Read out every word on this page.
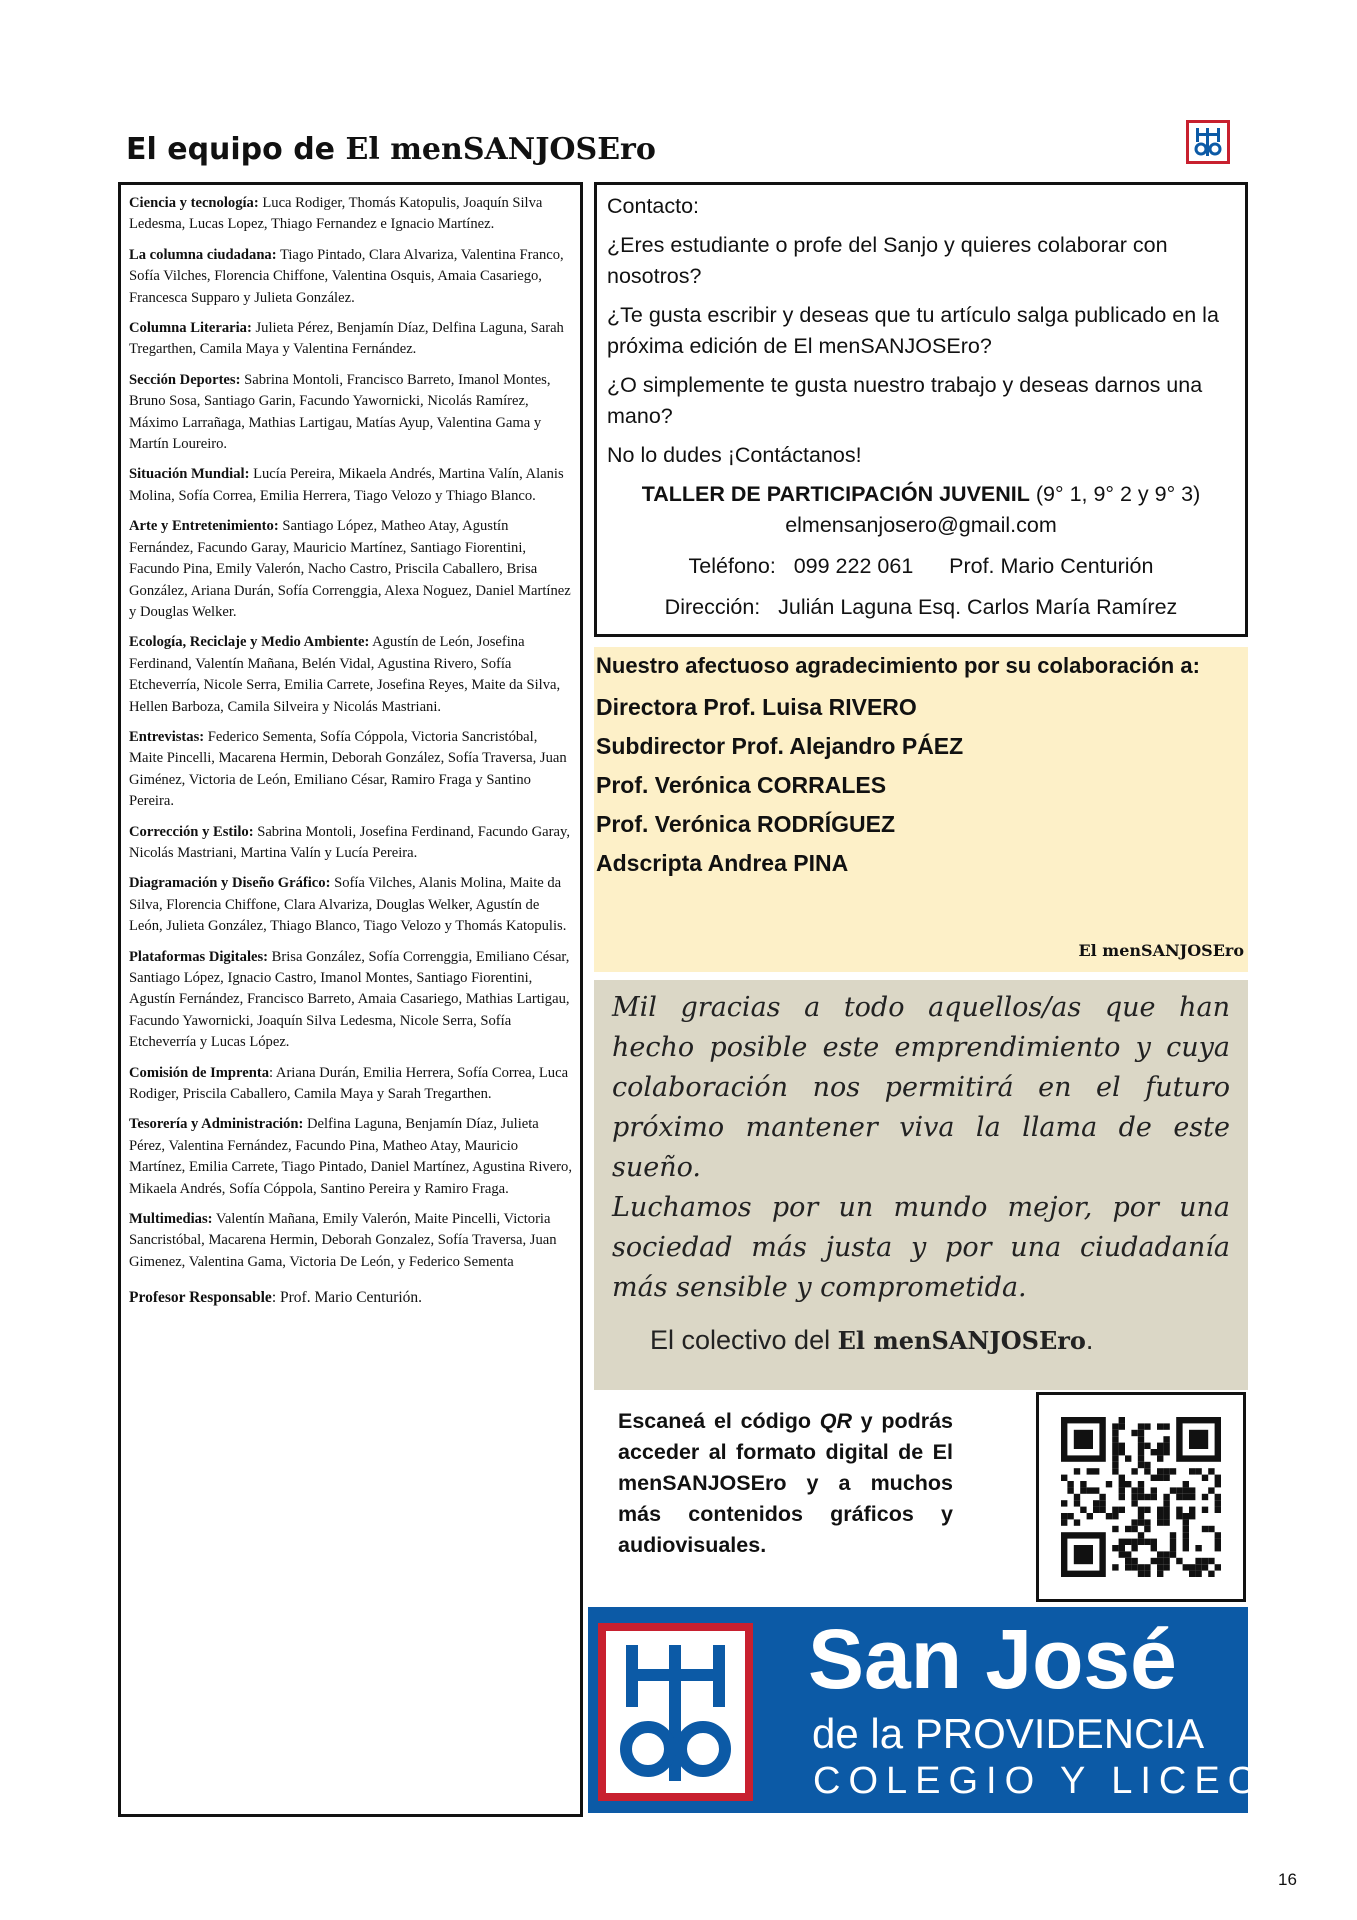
El equipo de El menSANJOSEro
Ciencia y tecnología: Luca Rodiger, Thomás Katopulis, Joaquín Silva Ledesma, Lucas Lopez, Thiago Fernandez e Ignacio Martínez.
La columna ciudadana: Tiago Pintado, Clara Alvariza, Valentina Franco, Sofía Vilches, Florencia Chiffone, Valentina Osquis, Amaia Casariego, Francesca Supparo y Julieta González.
Columna Literaria: Julieta Pérez, Benjamín Díaz, Delfina Laguna, Sarah Tregarthen, Camila Maya y Valentina Fernández.
Sección Deportes: Sabrina Montoli, Francisco Barreto, Imanol Montes, Bruno Sosa, Santiago Garin, Facundo Yawornicki, Nicolás Ramírez, Máximo Larrañaga, Mathias Lartigau, Matías Ayup, Valentina Gama y Martín Loureiro.
Situación Mundial: Lucía Pereira, Mikaela Andrés, Martina Valín, Alanis Molina, Sofía Correa, Emilia Herrera, Tiago Velozo y Thiago Blanco.
Arte y Entretenimiento: Santiago López, Matheo Atay, Agustín Fernández, Facundo Garay, Mauricio Martínez, Santiago Fiorentini, Facundo Pina, Emily Valerón, Nacho Castro, Priscila Caballero, Brisa González, Ariana Durán, Sofía Correnggia, Alexa Noguez, Daniel Martínez y Douglas Welker.
Ecología, Reciclaje y Medio Ambiente: Agustín de León, Josefina Ferdinand, Valentín Mañana, Belén Vidal, Agustina Rivero, Sofía Etcheverría, Nicole Serra, Emilia Carrete, Josefina Reyes, Maite da Silva, Hellen Barboza, Camila Silveira y Nicolás Mastriani.
Entrevistas: Federico Sementa, Sofía Cóppola, Victoria Sancristóbal, Maite Pincelli, Macarena Hermin, Deborah González, Sofía Traversa, Juan Giménez, Victoria de León, Emiliano César, Ramiro Fraga y Santino Pereira.
Corrección y Estilo: Sabrina Montoli, Josefina Ferdinand, Facundo Garay, Nicolás Mastriani, Martina Valín y Lucía Pereira.
Diagramación y Diseño Gráfico: Sofía Vilches, Alanis Molina, Maite da Silva, Florencia Chiffone, Clara Alvariza, Douglas Welker, Agustín de León, Julieta González, Thiago Blanco, Tiago Velozo y Thomás Katopulis.
Plataformas Digitales: Brisa González, Sofía Correnggia, Emiliano César, Santiago López, Ignacio Castro, Imanol Montes, Santiago Fiorentini, Agustín Fernández, Francisco Barreto, Amaia Casariego, Mathias Lartigau, Facundo Yawornicki, Joaquín Silva Ledesma, Nicole Serra, Sofía Etcheverría y Lucas López.
Comisión de Imprenta: Ariana Durán, Emilia Herrera, Sofía Correa, Luca Rodiger, Priscila Caballero, Camila Maya y Sarah Tregarthen.
Tesorería y Administración: Delfina Laguna, Benjamín Díaz, Julieta Pérez, Valentina Fernández, Facundo Pina, Matheo Atay, Mauricio Martínez, Emilia Carrete, Tiago Pintado, Daniel Martínez, Agustina Rivero, Mikaela Andrés, Sofía Cóppola, Santino Pereira y Ramiro Fraga.
Multimedias: Valentín Mañana, Emily Valerón, Maite Pincelli, Victoria Sancristóbal, Macarena Hermin, Deborah Gonzalez, Sofía Traversa, Juan Gimenez, Valentina Gama, Victoria De León, y Federico Sementa
Profesor Responsable: Prof. Mario Centurión.

Contacto:

¿Eres estudiante o profe del Sanjo y quieres colaborar con nosotros?

¿Te gusta escribir y deseas que tu artículo salga publicado en la próxima edición de El menSANJOSEro?

¿O simplemente te gusta nuestro trabajo y deseas darnos una mano?

No lo dudes ¡Contáctanos!

TALLER DE PARTICIPACIÓN JUVENIL (9° 1, 9° 2 y 9° 3)

elmensanjosero@gmail.com

Teléfono:   099 222 061      Prof. Mario Centurión

Dirección:   Julián Laguna Esq. Carlos María Ramírez

Nuestro afectuoso agradecimiento por su colaboración a:
Directora Prof. Luisa RIVERO
Subdirector Prof. Alejandro PÁEZ
Prof. Verónica CORRALES
Prof. Verónica RODRÍGUEZ
Adscripta Andrea PINA
El menSANJOSEro

Mil gracias a todo aquellos/as que han hecho posible este emprendimiento y cuya colaboración nos permitirá en el futuro próximo mantener viva la llama de este sueño.

Luchamos por un mundo mejor, por una sociedad más justa y por una ciudadanía más sensible y comprometida.

El colectivo del El menSANJOSEro.

Escaneá el código QR y podrás acceder al formato digital de El menSANJOSEro y a muchos más contenidos gráficos y audiovisuales.
San José
de la PROVIDENCIA
COLEGIO Y LICEO
16
